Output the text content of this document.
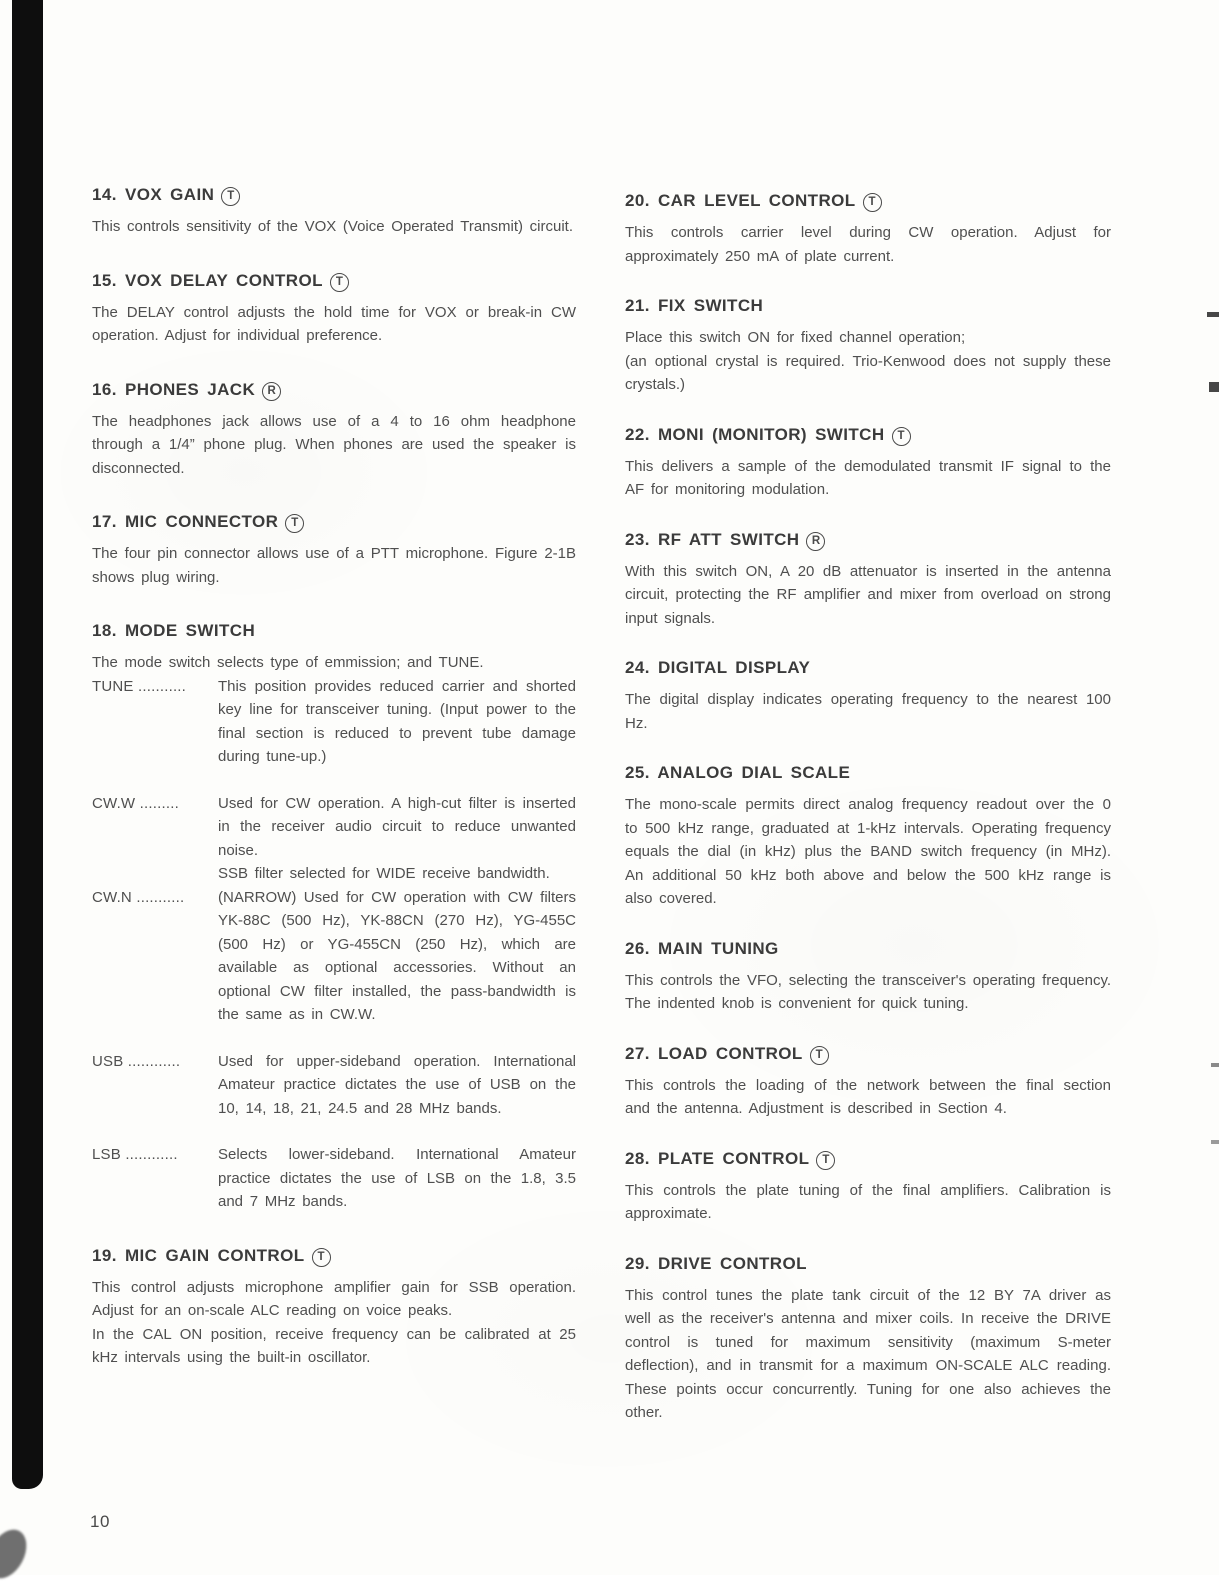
14. VOX GAIN T

This controls sensitivity of the VOX (Voice Operated Transmit) circuit.

15. VOX DELAY CONTROL T

The DELAY control adjusts the hold time for VOX or break-in CW operation. Adjust for individual preference.

16. PHONES JACK R

The headphones jack allows use of a 4 to 16 ohm headphone through a 1/4” phone plug. When phones are used the speaker is disconnected.

17. MIC CONNECTOR T

The four pin connector allows use of a PTT microphone. Figure 2-1B shows plug wiring.

18. MODE SWITCH

The mode switch selects type of emmission; and TUNE.

TUNE ...........	This position provides reduced carrier and shorted key line for transceiver tuning. (Input power to the final section is reduced to prevent tube damage during tune-up.)

CW.W .........	Used for CW operation. A high-cut filter is inserted in the receiver audio circuit to reduce unwanted noise.

SSB filter selected for WIDE receive bandwidth.

CW.N ...........	(NARROW) Used for CW operation with CW filters YK-88C (500 Hz), YK-88CN (270 Hz), YG-455C (500 Hz) or YG-455CN (250 Hz), which are available as optional accessories. Without an optional CW filter installed, the pass-bandwidth is the same as in CW.W.

USB ............	Used for upper-sideband operation. International Amateur practice dictates the use of USB on the 10, 14, 18, 21, 24.5 and 28 MHz bands.

LSB ............	Selects lower-sideband. International Amateur practice dictates the use of LSB on the 1.8, 3.5 and 7 MHz bands.

19. MIC GAIN CONTROL T

This control adjusts microphone amplifier gain for SSB operation. Adjust for an on-scale ALC reading on voice peaks.

In the CAL ON position, receive frequency can be calibrated at 25 kHz intervals using the built-in oscillator.

20. CAR LEVEL CONTROL T

This controls carrier level during CW operation. Adjust for approximately 250 mA of plate current.

21. FIX SWITCH

Place this switch ON for fixed channel operation;

(an optional crystal is required. Trio-Kenwood does not supply these crystals.)

22. MONI (MONITOR) SWITCH T

This delivers a sample of the demodulated transmit IF signal to the AF for monitoring modulation.

23. RF ATT SWITCH R

With this switch ON, A 20 dB attenuator is inserted in the antenna circuit, protecting the RF amplifier and mixer from overload on strong input signals.

24. DIGITAL DISPLAY

The digital display indicates operating frequency to the nearest 100 Hz.

25. ANALOG DIAL SCALE

The mono-scale permits direct analog frequency readout over the 0 to 500 kHz range, graduated at 1-kHz intervals. Operating frequency equals the dial (in kHz) plus the BAND switch frequency (in MHz). An additional 50 kHz both above and below the 500 kHz range is also covered.

26. MAIN TUNING

This controls the VFO, selecting the transceiver's operating frequency. The indented knob is convenient for quick tuning.

27. LOAD CONTROL T

This controls the loading of the network between the final section and the antenna. Adjustment is described in Section 4.

28. PLATE CONTROL T

This controls the plate tuning of the final amplifiers. Calibration is approximate.

29. DRIVE CONTROL

This control tunes the plate tank circuit of the 12 BY 7A driver as well as the receiver's antenna and mixer coils. In receive the DRIVE control is tuned for maximum sensitivity (maximum S-meter deflection), and in transmit for a maximum ON-SCALE ALC reading. These points occur concurrently. Tuning for one also achieves the other.

10
